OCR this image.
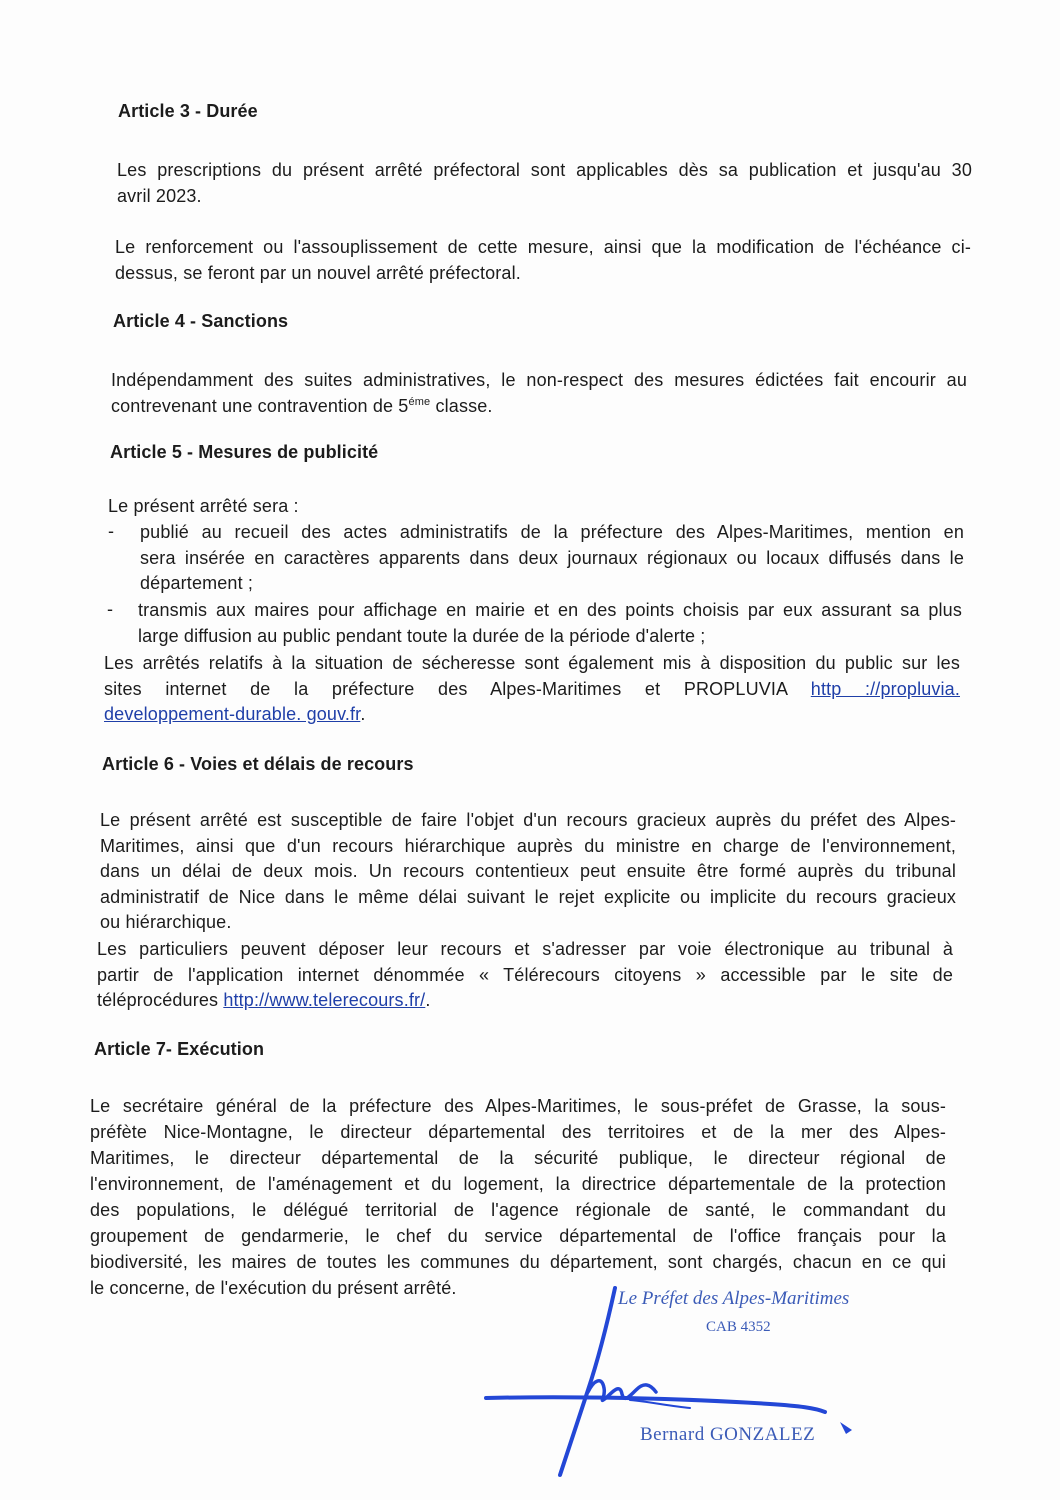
Article 3 - Durée
Les prescriptions du présent arrêté préfectoral sont applicables dès sa publication et jusqu'au 30
avril 2023.
Le renforcement ou l'assouplissement de cette mesure, ainsi que la modification de l'échéance ci-
dessus, se feront par un nouvel arrêté préfectoral.
Article 4 - Sanctions
Indépendamment des suites administratives, le non-respect des mesures édictées fait encourir au
contrevenant une contravention de $5^{éme}$ classe.
Article 5 - Mesures de publicité
Le présent arrêté sera :
- publié au recueil des actes administratifs de la préfecture des Alpes-Maritimes, mention en
sera insérée en caractères apparents dans deux journaux régionaux ou locaux diffusés dans le
département ;
- transmis aux maires pour affichage en mairie et en des points choisis par eux assurant sa plus
large diffusion au public pendant toute la durée de la période d'alerte ;
Les arrêtés relatifs à la situation de sécheresse sont également mis à disposition du public sur les
sites internet de la préfecture des Alpes-Maritimes et PROPLUVIA http ://propluvia.
developpement-durable. gouv.fr.
Article 6 - Voies et délais de recours
Le présent arrêté est susceptible de faire l'objet d'un recours gracieux auprès du préfet des Alpes-
Maritimes, ainsi que d'un recours hiérarchique auprès du ministre en charge de l'environnement,
dans un délai de deux mois. Un recours contentieux peut ensuite être formé auprès du tribunal
administratif de Nice dans le même délai suivant le rejet explicite ou implicite du recours gracieux
ou hiérarchique.
Les particuliers peuvent déposer leur recours et s'adresser par voie électronique au tribunal à
partir de l'application internet dénommée « Télérecours citoyens » accessible par le site de
téléprocédures http://www.telerecours.fr/.
Article 7- Exécution
Le secrétaire général de la préfecture des Alpes-Maritimes, le sous-préfet de Grasse, la sous-
préfète Nice-Montagne, le directeur départemental des territoires et de la mer des Alpes-
Maritimes, le directeur départemental de la sécurité publique, le directeur régional de
l'environnement, de l'aménagement et du logement, la directrice départementale de la protection
des populations, le délégué territorial de l'agence régionale de santé, le commandant du
groupement de gendarmerie, le chef du service départemental de l'office français pour la
biodiversité, les maires de toutes les communes du département, sont chargés, chacun en ce qui
le concerne, de l'exécution du présent arrêté.	Le Préfet des Alpes-Maritimes
CAB 4352
Bernard GONZALEZ
